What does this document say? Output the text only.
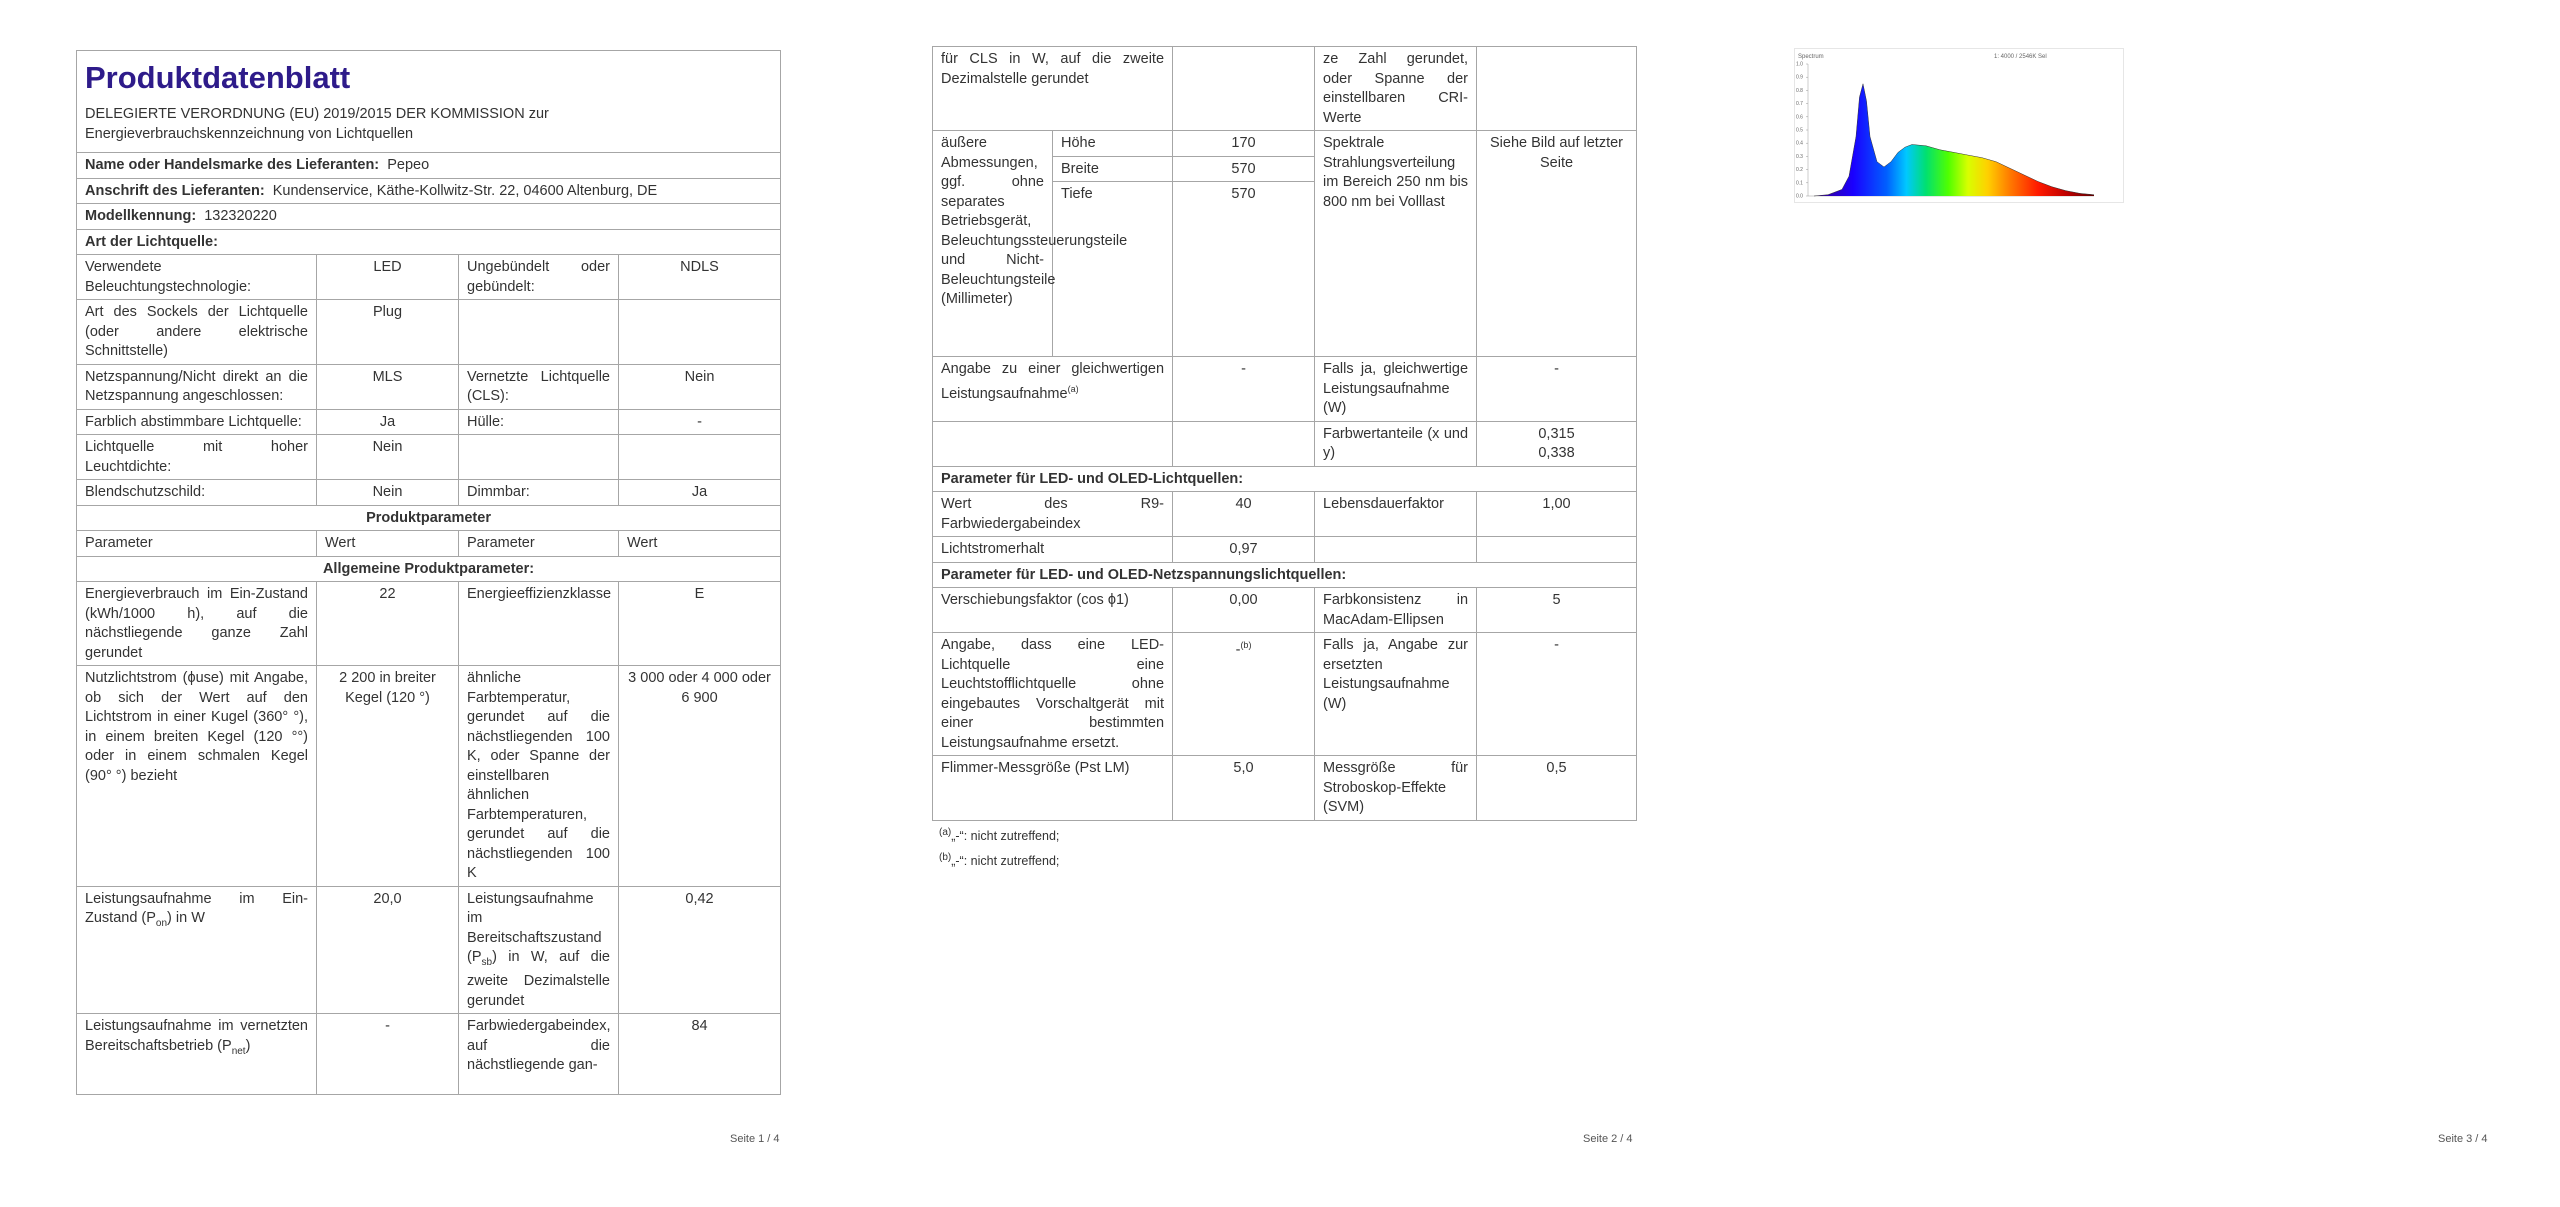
Produktdatenblatt
DELEGIERTE VERORDNUNG (EU) 2019/2015 DER KOMMISSION zur Energieverbrauchskennzeichnung von Lichtquellen			

Name oder Handelsmarke des Lieferanten: Pepeo			
Anschrift des Lieferanten: Kundenservice, Käthe-Kollwitz-Str. 22, 04600 Altenburg, DE			
Modellkennung: 132320220			
Art der Lichtquelle:			
Verwendete Beleuchtungstechnologie:	LED	Ungebündelt oder gebündelt:	NDLS
Art des Sockels der Lichtquelle (oder andere elektrische Schnittstelle)	Plug		
Netzspannung/Nicht direkt an die Netzspannung angeschlossen:	MLS	Vernetzte Lichtquelle (CLS):	Nein
Farblich abstimmbare Lichtquelle:	Ja	Hülle:	-
Lichtquelle mit hoher Leuchtdichte:	Nein		
Blendschutzschild:	Nein	Dimmbar:	Ja
Produktparameter			
Parameter	Wert	Parameter	Wert
Allgemeine Produktparameter:			
Energieverbrauch im Ein-Zustand (kWh/1000 h), auf die nächstliegende ganze Zahl gerundet	22	Energieeffizienzklasse	E
Nutzlichtstrom (ϕuse) mit Angabe, ob sich der Wert auf den Lichtstrom in einer Kugel (360° °), in einem breiten Kegel (120 °°) oder in einem schmalen Kegel (90° °) bezieht	2 200 in breiter Kegel (120 °)	ähnliche Farbtemperatur, gerundet auf die nächstliegenden 100 K, oder Spanne der einstellbaren ähnlichen Farbtemperaturen, gerundet auf die nächstliegenden 100 K	3 000 oder 4 000 oder 6 900
Leistungsaufnahme im Ein-Zustand $(P_{on})$ in W	20,0	Leistungsaufnahme im Bereitschaftszustand $(P_{sb})$ in W, auf die zweite Dezimalstelle gerundet	0,42
Leistungsaufnahme im vernetzten Bereitschaftsbetrieb $(P_{net})$	-	Farbwiedergabeindex, auf die nächstliegende gan-	84
Seite 1 / 4
für CLS in W, auf die zweite Dezimalstelle gerundet			ze Zahl gerundet, oder Spanne der einstellbaren CRI-Werte	
äußere Abmessungen, ggf. ohne separates Betriebsgerät, Beleuchtungssteuerungsteile und Nicht-Beleuchtungsteile (Millimeter)	Höhe	170	Spektrale Strahlungsverteilung im Bereich 250 nm bis 800 nm bei Volllast	Siehe Bild auf letzter Seite
	Breite	570		
	Tiefe	570		
Angabe zu einer gleichwertigen Leistungsaufnahme$^{(a)}$		-	Falls ja, gleichwertige Leistungsaufnahme (W)	-
			Farbwertanteile (x und y)	0,315
0,338

Parameter für LED- und OLED-Lichtquellen:				
Wert des R9-Farbwiedergabeindex		40	Lebensdauerfaktor	1,00
Lichtstromerhalt		0,97		
Parameter für LED- und OLED-Netzspannungslichtquellen:				
Verschiebungsfaktor (cos ϕ1)		0,00	Farbkonsistenz in MacAdam-Ellipsen	5
Angabe, dass eine LED-Lichtquelle eine Leuchtstofflichtquelle ohne eingebautes Vorschaltgerät mit einer bestimmten Leistungsaufnahme ersetzt.		-$^{(b)}$	Falls ja, Angabe zur ersetzten Leistungsaufnahme (W)	-
Flimmer-Messgröße (Pst LM)		5,0	Messgröße für Stroboskop-Effekte (SVM)	0,5
$^{(a)}$„-“: nicht zutreffend;
$^{(b)}$„-“: nicht zutreffend;
Seite 2 / 4
Spectrum	1: 4000 / 2546K Sel
0.0
0.1
0.2
0.3
0.4
0.5
0.6
0.7
0.8
0.9
1.0
Seite 3 / 4
